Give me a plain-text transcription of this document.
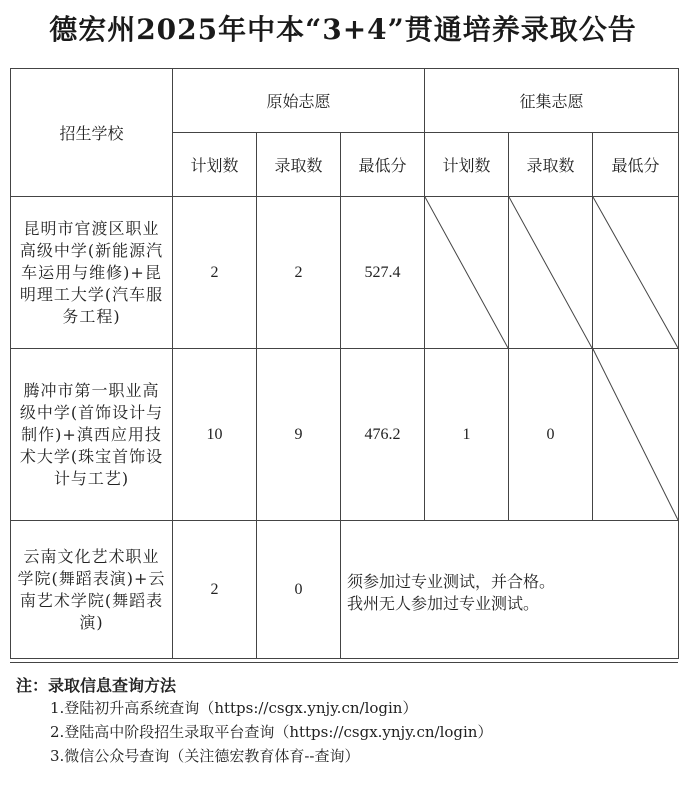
德宏州2025年中本“3+4”贯通培养录取公告
招生学校	原始志愿			征集志愿		
	计划数	录取数	最低分	计划数	录取数	最低分
昆明市官渡区职业高级中学(新能源汽车运用与维修)+昆明理工大学(汽车服务工程)	2	2	527.4	

腾冲市第一职业高级中学(首饰设计与制作)+滇西应用技术大学(珠宝首饰设计与工艺)	10	9	476.2	1	0	

云南文化艺术职业学院(舞蹈表演)+云南艺术学院(舞蹈表演)	2	0	须参加过专业测试，并合格。
我州无人参加过专业测试。			
注：录取信息查询方法
1.登陆初升高系统查询（https://csgx.ynjy.cn/login）
2.登陆高中阶段招生录取平台查询（https://csgx.ynjy.cn/login）
3.微信公众号查询（关注德宏教育体育--查询）
